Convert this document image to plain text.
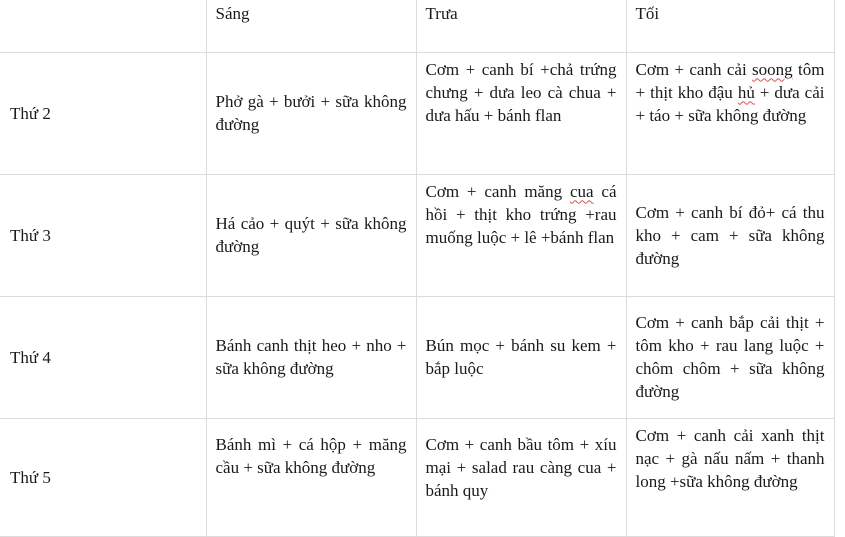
	Sáng	Trưa	Tối
Thứ 2	Phở gà + bưởi + sữa không đường	Cơm + canh bí +chả trứng chưng + dưa leo cà chua + dưa hấu + bánh flan	Cơm + canh cải soong tôm + thịt kho đậu hủ + dưa cải + táo + sữa không đường
Thứ 3	Há cảo + quýt + sữa không đường	Cơm + canh măng cua cá hồi + thịt kho trứng +rau muống luộc + lê +bánh flan	Cơm + canh bí đỏ+ cá thu kho + cam + sữa không đường
Thứ 4	Bánh canh thịt heo + nho + sữa không đường	Bún mọc + bánh su kem + bắp luộc	Cơm + canh bắp cải thịt + tôm kho + rau lang luộc + chôm chôm + sữa không đường
Thứ 5	Bánh mì + cá hộp + măng cầu + sữa không đường	Cơm + canh bầu tôm + xíu mại + salad rau càng cua + bánh quy	Cơm + canh cải xanh thịt nạc + gà nấu nấm + thanh long +sữa không đường
